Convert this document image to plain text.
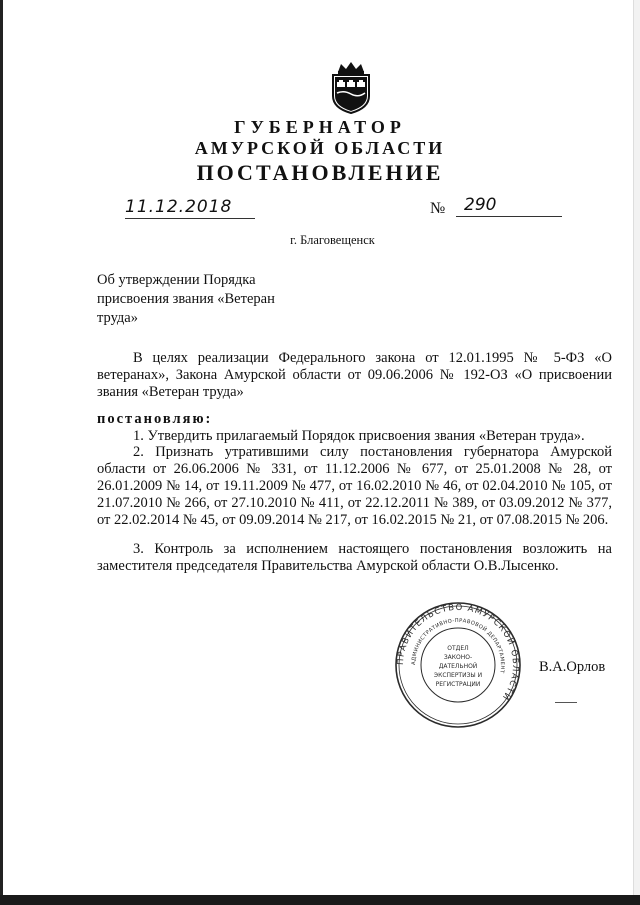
ГУБЕРНАТОР
АМУРСКОЙ ОБЛАСТИ
ПОСТАНОВЛЕНИЕ
11.12.2018	№	290
г. Благовещенск
Об утверждении Порядка присвоения звания «Ветеран труда»
В целях реализации Федерального закона от 12.01.1995 № 5-ФЗ «О ветеранах», Закона Амурской области от 09.06.2006 № 192-ОЗ «О присвоении звания «Ветеран труда»
постановляю:
1. Утвердить прилагаемый Порядок присвоения звания «Ветеран труда».
2. Признать утратившими силу постановления губернатора Амурской области от 26.06.2006 № 331, от 11.12.2006 № 677, от 25.01.2008 № 28, от 26.01.2009 № 14, от 19.11.2009 № 477, от 16.02.2010 № 46, от 02.04.2010 № 105, от 21.07.2010 № 266, от 27.10.2010 № 411, от 22.12.2011 № 389, от 03.09.2012 № 377, от 22.02.2014 № 45, от 09.09.2014 № 217, от 16.02.2015 № 21, от 07.08.2015 № 206.
3. Контроль за исполнением настоящего постановления возложить на заместителя председателя Правительства Амурской области О.В.Лысенко.
ПРАВИТЕЛЬСТВО АМУРСКОЙ ОБЛАСТИ
АДМИНИСТРАТИВНО-ПРАВОВОЙ ДЕПАРТАМЕНТ
ОТДЕЛ
ЗАКОНО-
ДАТЕЛЬНОЙ
ЭКСПЕРТИЗЫ И
РЕГИСТРАЦИИ
В.А.Орлов
